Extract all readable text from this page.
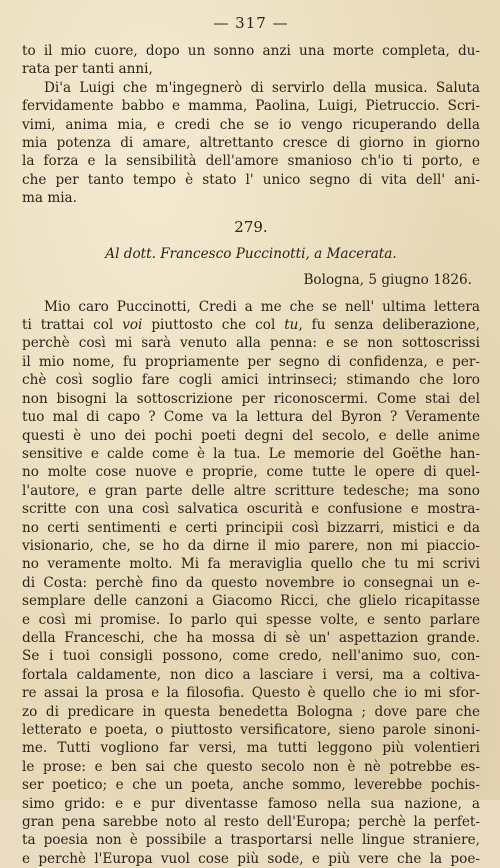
— 317 —
to il mio cuore, dopo un sonno anzi una morte completa, du-
rata per tanti anni,
Di'a Luigi che m'ingegnerò di servirlo della musica. Saluta
fervidamente babbo e mamma, Paolina, Luigi, Pietruccio. Scri-
vimi, anima mia, e credi che se io vengo ricuperando della
mia potenza di amare, altrettanto cresce di giorno in giorno
la forza e la sensibilità dell'amore smanioso ch'io ti porto, e
che per tanto tempo è stato l' unico segno di vita dell' ani-
ma mia.
279.
Al dott. Francesco Puccinotti, a Macerata.
Bologna, 5 giugno 1826.
Mio caro Puccinotti, Credi a me che se nell' ultima lettera
ti trattai col voi piuttosto che col tu, fu senza deliberazione,
perchè così mi sarà venuto alla penna: e se non sottoscrissi
il mio nome, fu propriamente per segno di confidenza, e per-
chè così soglio fare cogli amici intrinseci; stimando che loro
non bisogni la sottoscrizione per riconoscermi. Come stai del
tuo mal di capo ? Come va la lettura del Byron ? Veramente
questi è uno dei pochi poeti degni del secolo, e delle anime
sensitive e calde come è la tua. Le memorie del Goëthe han-
no molte cose nuove e proprie, come tutte le opere di quel-
l'autore, e gran parte delle altre scritture tedesche; ma sono
scritte con una così salvatica oscurità e confusione e mostra-
no certi sentimenti e certi principii così bizzarri, mistici e da
visionario, che, se ho da dirne il mio parere, non mi piaccio-
no veramente molto. Mi fa meraviglia quello che tu mi scrivi
di Costa: perchè fino da questo novembre io consegnai un e-
semplare delle canzoni a Giacomo Ricci, che glielo ricapitasse
e così mi promise. Io parlo qui spesse volte, e sento parlare
della Franceschi, che ha mossa di sè un' aspettazion grande.
Se i tuoi consigli possono, come credo, nell'animo suo, con-
fortala caldamente, non dico a lasciare i versi, ma a coltiva-
re assai la prosa e la filosofia. Questo è quello che io mi sfor-
zo di predicare in questa benedetta Bologna ; dove pare che
letterato e poeta, o piuttosto versificatore, sieno parole sinoni-
me. Tutti vogliono far versi, ma tutti leggono più volentieri
le prose: e ben sai che questo secolo non è nè potrebbe es-
ser poetico; e che un poeta, anche sommo, leverebbe pochis-
simo grido: e e pur diventasse famoso nella sua nazione, a
gran pena sarebbe noto al resto dell'Europa; perchè la perfet-
ta poesia non è possibile a trasportarsi nelle lingue straniere,
e perchè l'Europa vuol cose più sode, e più vere che la poe-
